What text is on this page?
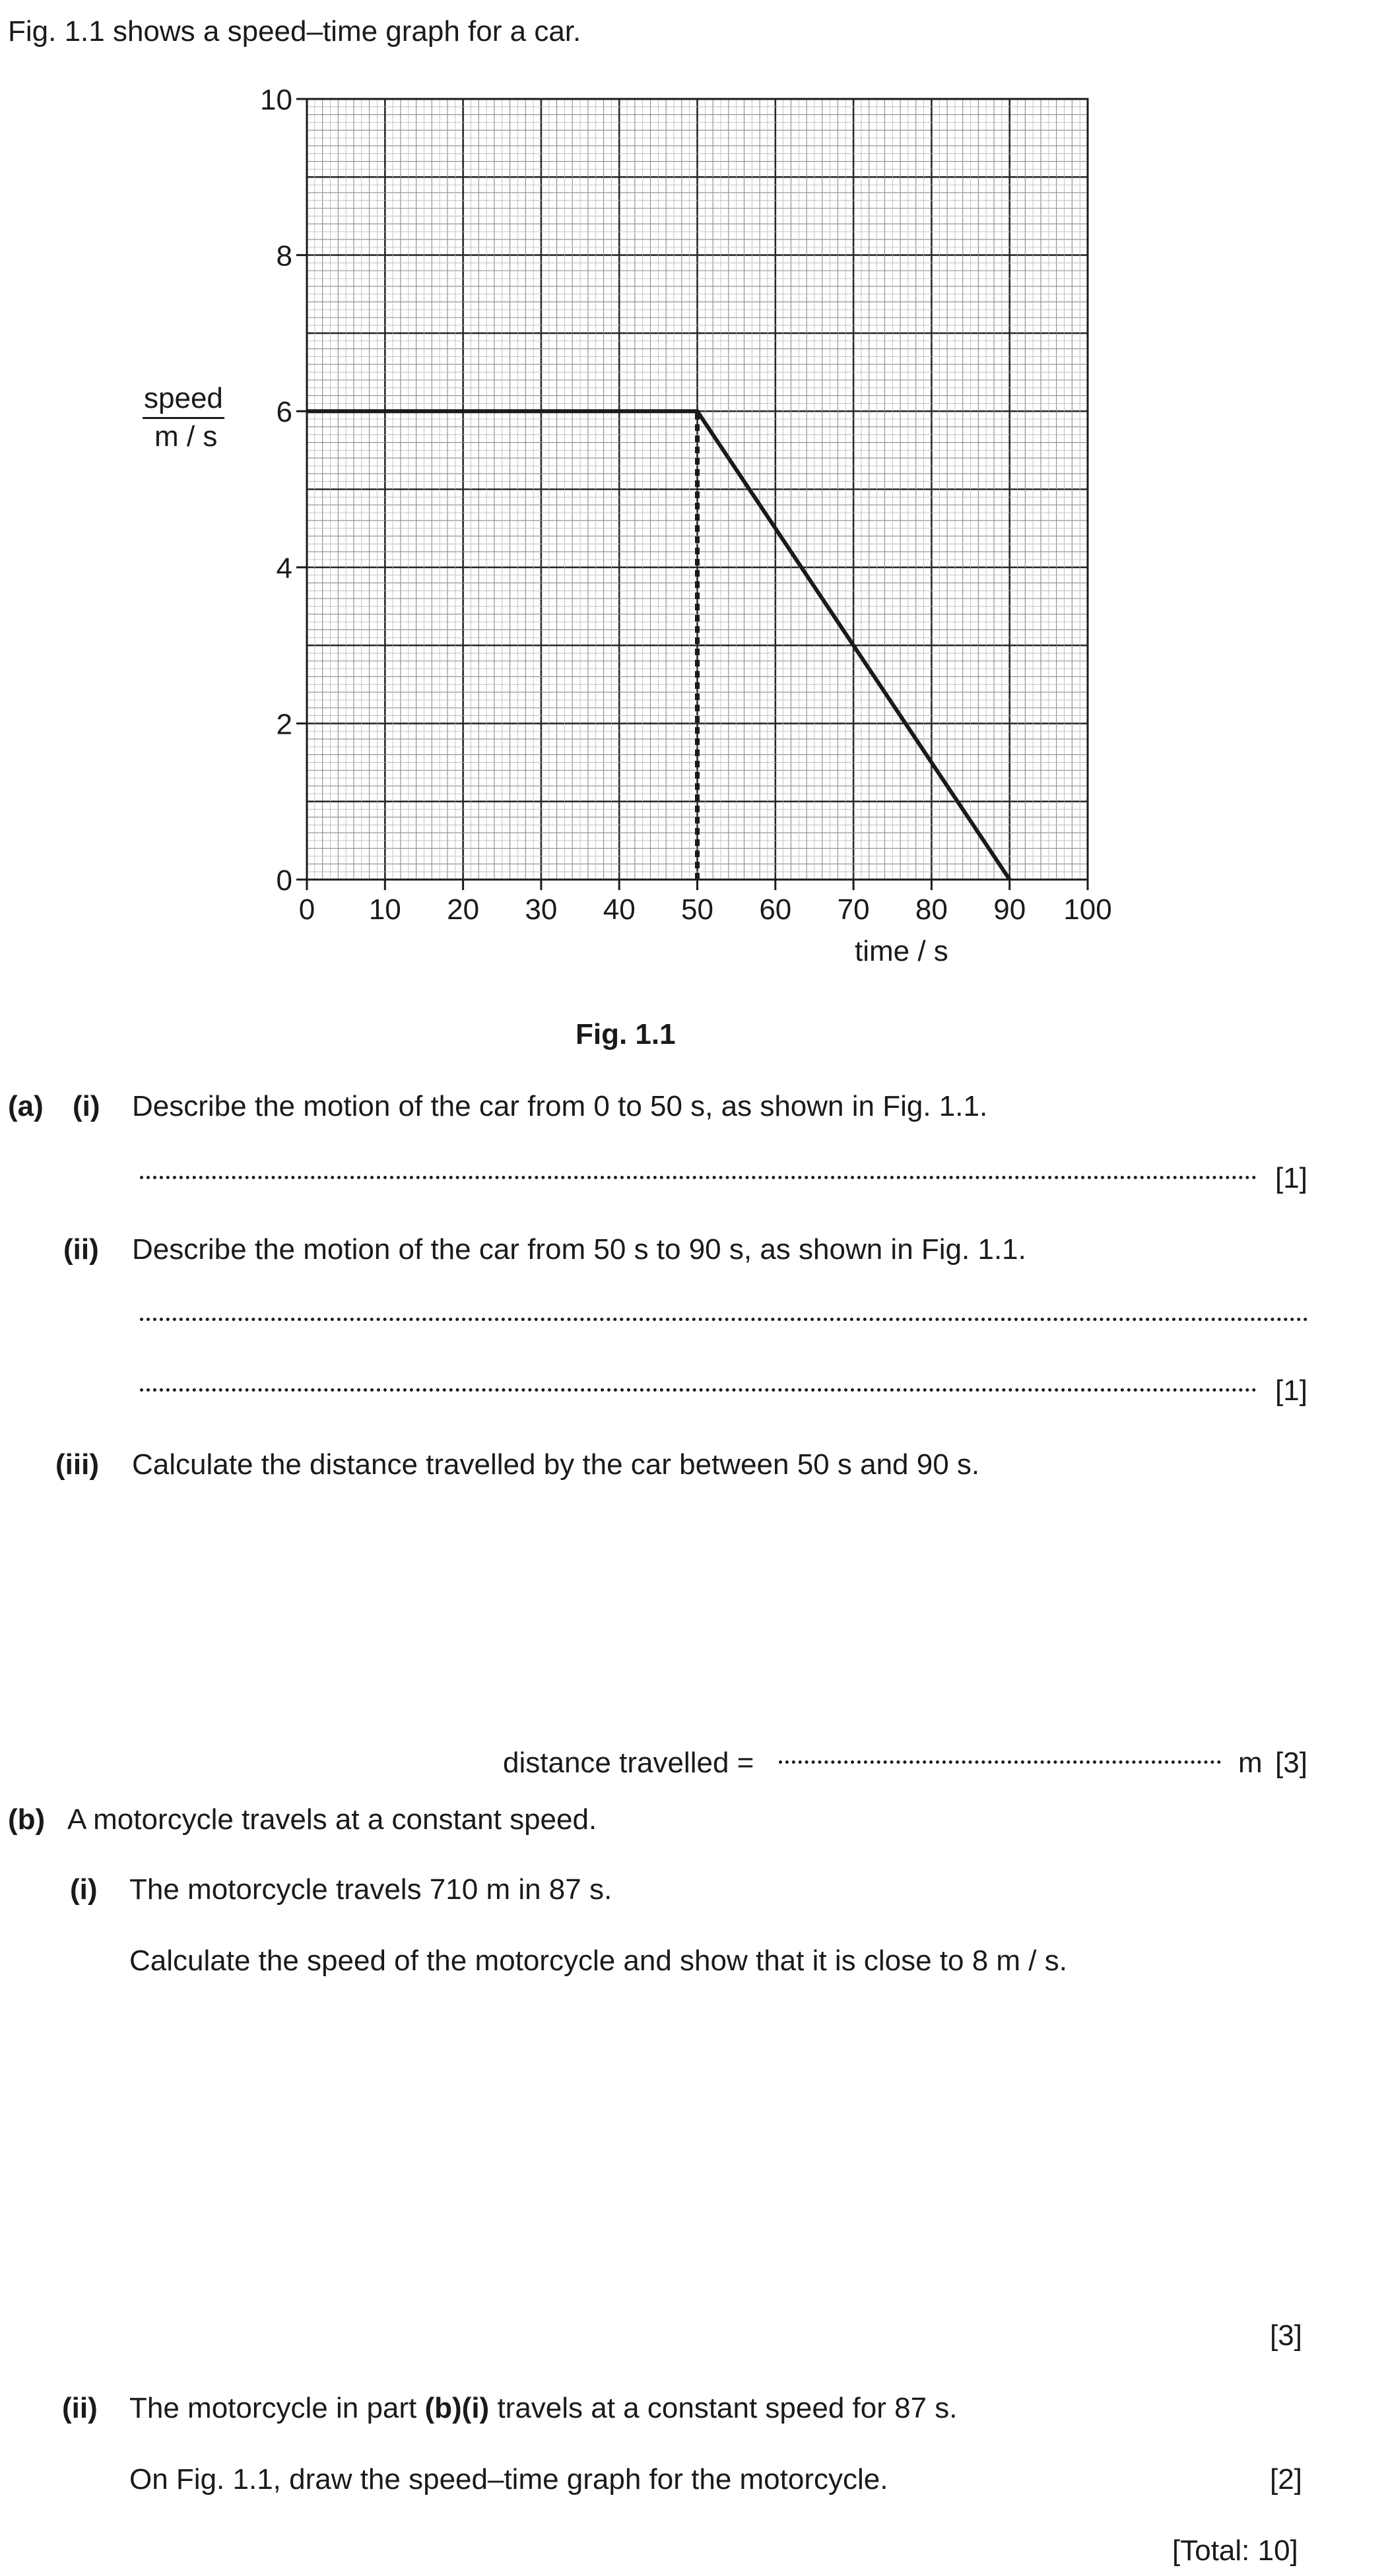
Fig. 1.1 shows a speed–time graph for a car.
0 10 20 30 40 50 60 70 80 90 100
0
2
4
6
8
10
speed
m / s
time / s
Fig. 1.1
(a) (i) Describe the motion of the car from 0 to 50 s, as shown in Fig. 1.1.
[1]
(ii) Describe the motion of the car from 50 s to 90 s, as shown in Fig. 1.1.
[1]
(iii) Calculate the distance travelled by the car between 50 s and 90 s.
distance travelled =	m [3]
(b) A motorcycle travels at a constant speed.
(i) The motorcycle travels 710 m in 87 s.
Calculate the speed of the motorcycle and show that it is close to 8 m / s.
[3]
(ii) The motorcycle in part (b)(i) travels at a constant speed for 87 s.
On Fig. 1.1, draw the speed–time graph for the motorcycle.	[2]
[Total: 10]
